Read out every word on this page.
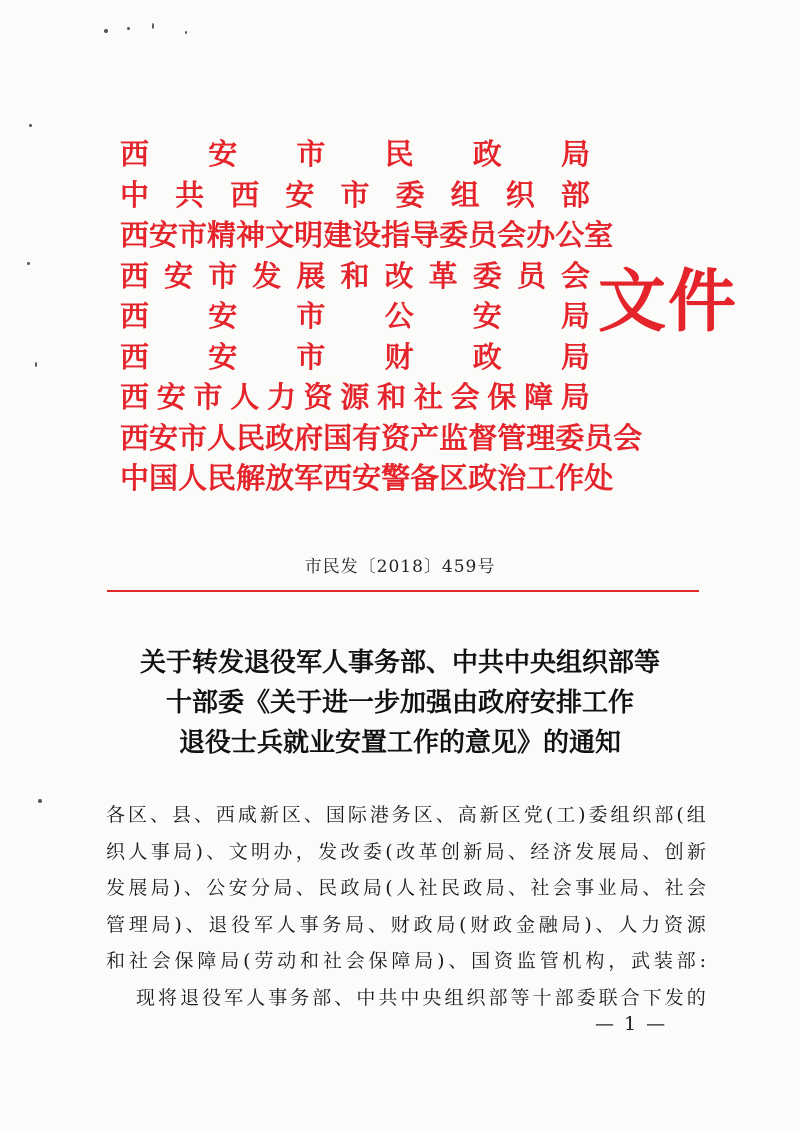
西 安 市 民 政 局
中 共 西 安 市 委 组 织 部
西 安 市 精 神 文 明 建 设 指 导 委 员 会 办 公 室
西 安 市 发 展 和 改 革 委 员 会
西 安 市 公 安 局
西 安 市 财 政 局
西 安 市 人 力 资 源 和 社 会 保 障 局
西 安 市 人 民 政 府 国 有 资 产 监 督 管 理 委 员 会
中 国 人 民 解 放 军 西 安 警 备 区 政 治 工 作 处
文件
市民发〔2018〕459号
关于转发退役军人事务部、中共中央组织部等
十部委《关于进一步加强由政府安排工作
退役士兵就业安置工作的意见》的通知
各 区 、 县 、 西 咸 新 区 、 国 际 港 务 区 、 高 新 区 党 ( 工 ) 委 组 织 部 ( 组
织 人 事 局 ) 、 文 明 办 ， 发 改 委 ( 改 革 创 新 局 、 经 济 发 展 局 、 创 新
发 展 局 ) 、 公 安 分 局 、 民 政 局 ( 人 社 民 政 局 、 社 会 事 业 局 、 社 会
管 理 局 ) 、 退 役 军 人 事 务 局 、 财 政 局 ( 财 政 金 融 局 ) 、 人 力 资 源
和 社 会 保 障 局 ( 劳 动 和 社 会 保 障 局 ) 、 国 资 监 管 机 构 ， 武 装 部 :
现 将 退 役 军 人 事 务 部 、 中 共 中 央 组 织 部 等 十 部 委 联 合 下 发 的
— 1 —
